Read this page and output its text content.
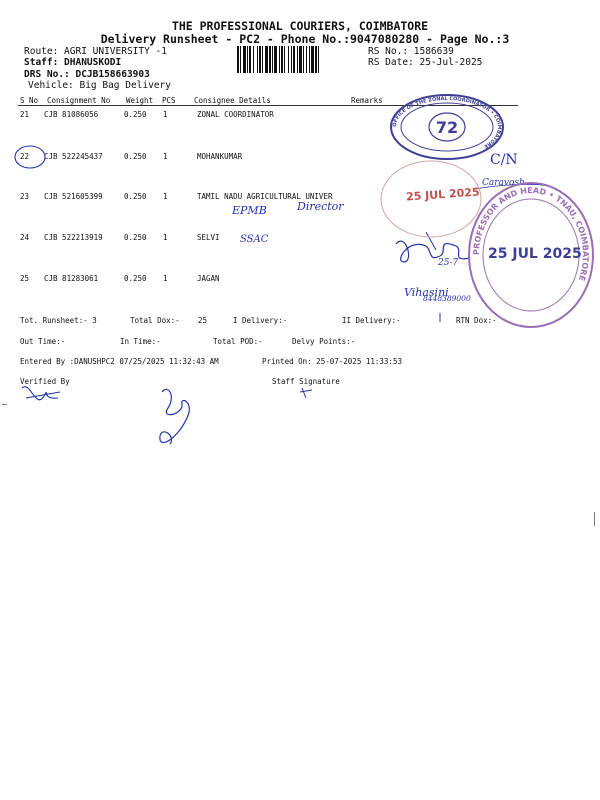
THE PROFESSIONAL COURIERS, COIMBATORE
Delivery Runsheet - PC2 - Phone No.:9047080280 - Page No.:3
Route: AGRI UNIVERSITY -1
Staff: DHANUSKODI
DRS No.: DCJB158663903
Vehicle: Big Bag Delivery
RS No.: 1586639
RS Date: 25-Jul-2025
S No Consignment No Weight PCS Consignee Details	Remarks
21 CJB 81086056	0.250 1	ZONAL COORDINATOR
22 CJB 522245437	0.250 1	MOHANKUMAR
23 CJB 521605399	0.250 1	TAMIL NADU AGRICULTURAL UNIVER
24 CJB 522213919	0.250 1	SELVI
25 CJB 81283061	0.250 1	JAGAN
Tot. Runsheet:- 3	Total Dox:- 25	I Delivery:-	II Delivery:-	RTN Dox:-
Out Time:-	In Time:-	Total POD:-	Delvy Points:-
Entered By :DANUSHPC2 07/25/2025 11:32:43 AM	Printed On: 25-07-2025 11:33:53
Verified By	Staff Signature
EPMB	Director
SSAC
C/N
Caravosh
Vihasini
8448389000
25-7
OFFICE OF THE ZONAL COORDINATOR • COIMBATORE
72
25 JUL 2025
PROFESSOR AND HEAD • TNAU, COIMBATORE
25 JUL 2025
